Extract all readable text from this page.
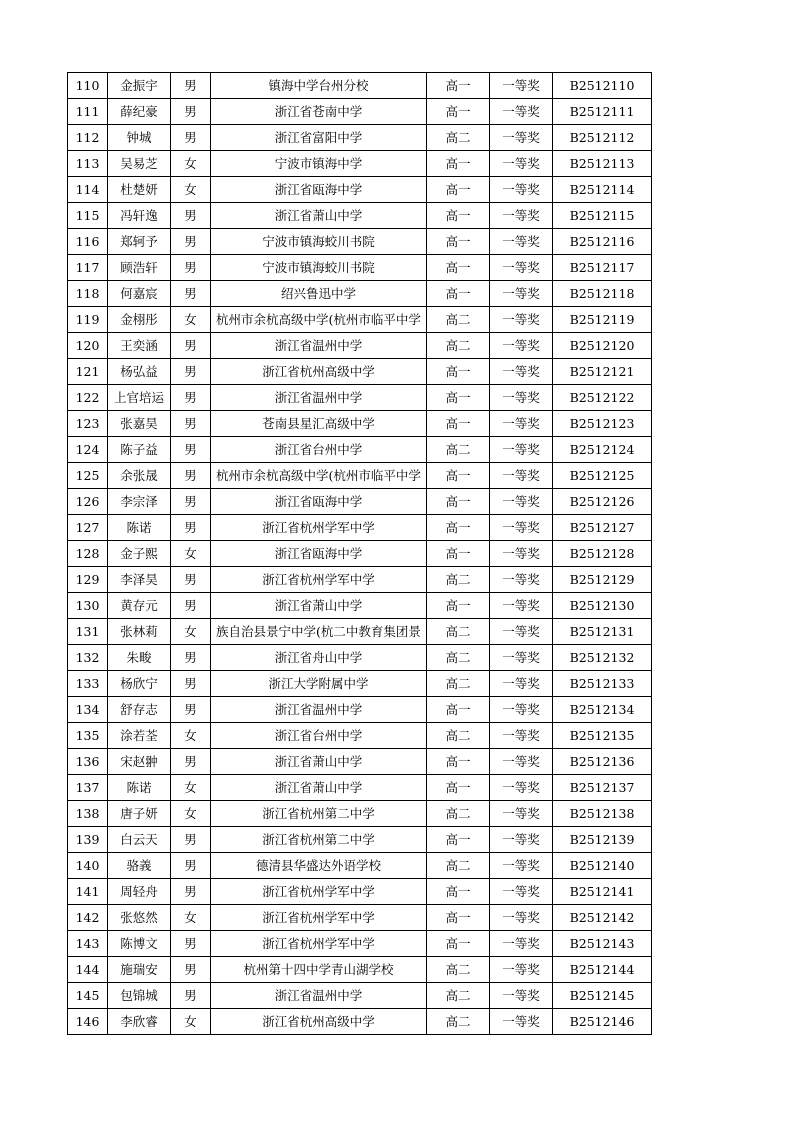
110	金振宇	男	镇海中学台州分校	高一	一等奖	B2512110
111	薛纪豪	男	浙江省苍南中学	高一	一等奖	B2512111
112	钟城	男	浙江省富阳中学	高二	一等奖	B2512112
113	吴易芝	女	宁波市镇海中学	高一	一等奖	B2512113
114	杜楚妍	女	浙江省瓯海中学	高一	一等奖	B2512114
115	冯轩逸	男	浙江省萧山中学	高一	一等奖	B2512115
116	郑轲予	男	宁波市镇海蛟川书院	高一	一等奖	B2512116
117	顾浩轩	男	宁波市镇海蛟川书院	高一	一等奖	B2512117
118	何嘉宸	男	绍兴鲁迅中学	高一	一等奖	B2512118
119	金栩彤	女	杭州市余杭高级中学(杭州市临平中学	高二	一等奖	B2512119
120	王奕涵	男	浙江省温州中学	高二	一等奖	B2512120
121	杨弘益	男	浙江省杭州高级中学	高一	一等奖	B2512121
122	上官培运	男	浙江省温州中学	高一	一等奖	B2512122
123	张嘉昊	男	苍南县星汇高级中学	高一	一等奖	B2512123
124	陈子益	男	浙江省台州中学	高二	一等奖	B2512124
125	余张晟	男	杭州市余杭高级中学(杭州市临平中学	高一	一等奖	B2512125
126	李宗泽	男	浙江省瓯海中学	高一	一等奖	B2512126
127	陈诺	男	浙江省杭州学军中学	高一	一等奖	B2512127
128	金子熙	女	浙江省瓯海中学	高一	一等奖	B2512128
129	李泽昊	男	浙江省杭州学军中学	高二	一等奖	B2512129
130	黄存元	男	浙江省萧山中学	高一	一等奖	B2512130
131	张林莉	女	族自治县景宁中学(杭二中教育集团景	高二	一等奖	B2512131
132	朱畯	男	浙江省舟山中学	高二	一等奖	B2512132
133	杨欣宁	男	浙江大学附属中学	高二	一等奖	B2512133
134	舒存志	男	浙江省温州中学	高一	一等奖	B2512134
135	涂若荃	女	浙江省台州中学	高二	一等奖	B2512135
136	宋赵翀	男	浙江省萧山中学	高一	一等奖	B2512136
137	陈诺	女	浙江省萧山中学	高一	一等奖	B2512137
138	唐子妍	女	浙江省杭州第二中学	高二	一等奖	B2512138
139	白云天	男	浙江省杭州第二中学	高一	一等奖	B2512139
140	骆義	男	德清县华盛达外语学校	高二	一等奖	B2512140
141	周轻舟	男	浙江省杭州学军中学	高一	一等奖	B2512141
142	张悠然	女	浙江省杭州学军中学	高一	一等奖	B2512142
143	陈博文	男	浙江省杭州学军中学	高一	一等奖	B2512143
144	施瑞安	男	杭州第十四中学青山湖学校	高二	一等奖	B2512144
145	包锦城	男	浙江省温州中学	高二	一等奖	B2512145
146	李欣睿	女	浙江省杭州高级中学	高二	一等奖	B2512146
